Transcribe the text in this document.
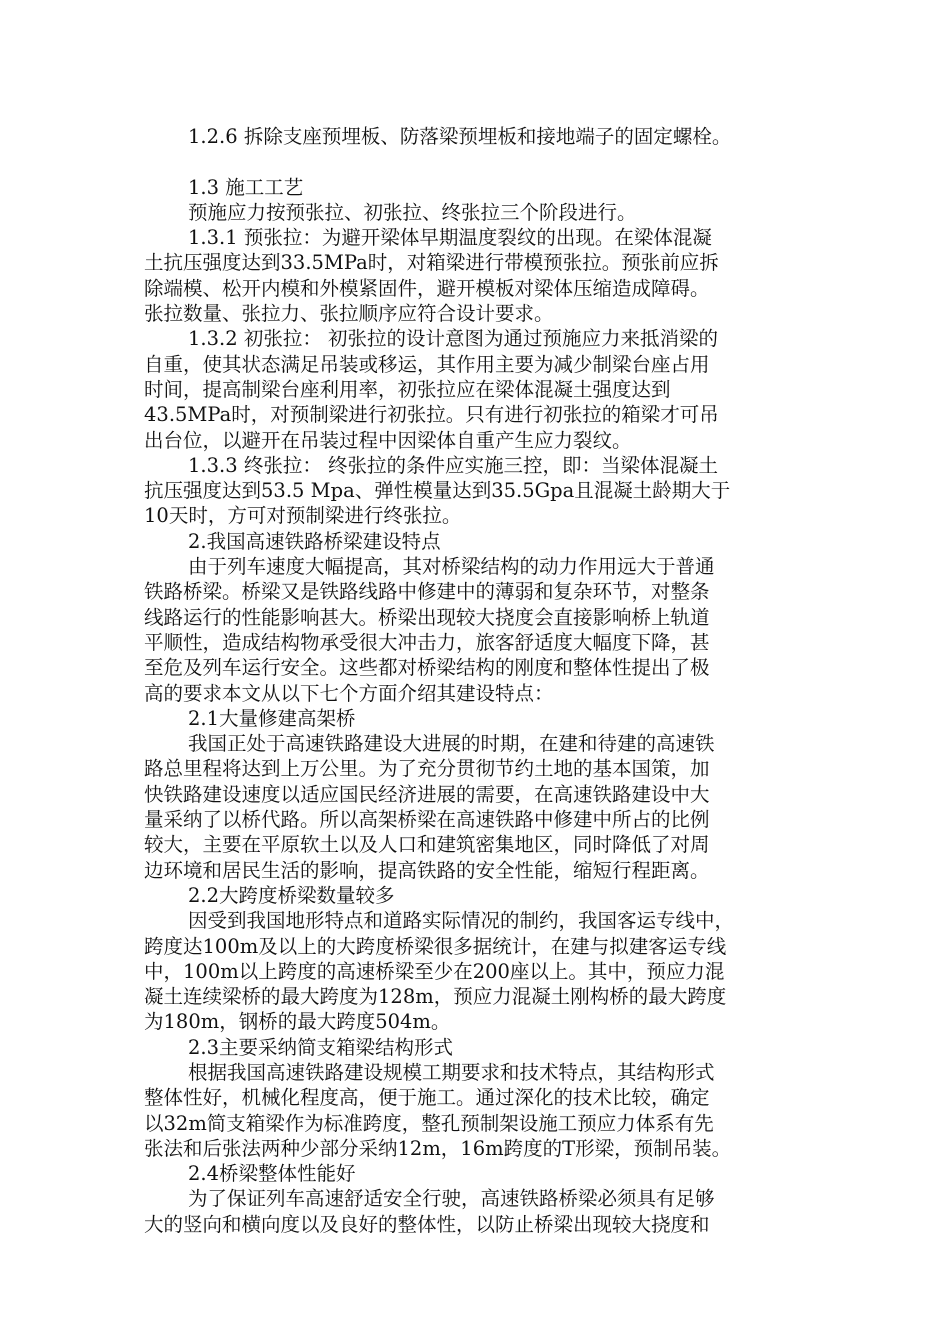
1.2.6 拆除支座预埋板、防落梁预埋板和接地端子的固定螺栓。
1.3 施工工艺
预施应力按预张拉、初张拉、终张拉三个阶段进行。
1.3.1 预张拉：为避开梁体早期温度裂纹的出现。在梁体混凝
土抗压强度达到33.5MPa时，对箱梁进行带模预张拉。预张前应拆
除端模、松开内模和外模紧固件，避开模板对梁体压缩造成障碍。
张拉数量、张拉力、张拉顺序应符合设计要求。
1.3.2 初张拉： 初张拉的设计意图为通过预施应力来抵消梁的
自重，使其状态满足吊装或移运，其作用主要为减少制梁台座占用
时间，提高制梁台座利用率，初张拉应在梁体混凝土强度达到
43.5MPa时，对预制梁进行初张拉。只有进行初张拉的箱梁才可吊
出台位，以避开在吊装过程中因梁体自重产生应力裂纹。
1.3.3 终张拉： 终张拉的条件应实施三控，即：当梁体混凝土
抗压强度达到53.5 Mpa、弹性模量达到35.5Gpa且混凝土龄期大于
10天时，方可对预制梁进行终张拉。
2.我国高速铁路桥梁建设特点
由于列车速度大幅提高，其对桥梁结构的动力作用远大于普通
铁路桥梁。桥梁又是铁路线路中修建中的薄弱和复杂环节，对整条
线路运行的性能影响甚大。桥梁出现较大挠度会直接影响桥上轨道
平顺性，造成结构物承受很大冲击力，旅客舒适度大幅度下降，甚
至危及列车运行安全。这些都对桥梁结构的刚度和整体性提出了极
高的要求本文从以下七个方面介绍其建设特点：
2.1大量修建高架桥
我国正处于高速铁路建设大进展的时期，在建和待建的高速铁
路总里程将达到上万公里。为了充分贯彻节约土地的基本国策，加
快铁路建设速度以适应国民经济进展的需要，在高速铁路建设中大
量采纳了以桥代路。所以高架桥梁在高速铁路中修建中所占的比例
较大，主要在平原软土以及人口和建筑密集地区，同时降低了对周
边环境和居民生活的影响，提高铁路的安全性能，缩短行程距离。
2.2大跨度桥梁数量较多
因受到我国地形特点和道路实际情况的制约，我国客运专线中，
跨度达100m及以上的大跨度桥梁很多据统计，在建与拟建客运专线
中，100m以上跨度的高速桥梁至少在200座以上。其中，预应力混
凝土连续梁桥的最大跨度为128m，预应力混凝土刚构桥的最大跨度
为180m，钢桥的最大跨度504m。
2.3主要采纳简支箱梁结构形式
根据我国高速铁路建设规模工期要求和技术特点，其结构形式
整体性好，机械化程度高，便于施工。通过深化的技术比较，确定
以32m简支箱梁作为标准跨度，整孔预制架设施工预应力体系有先
张法和后张法两种少部分采纳12m，16m跨度的T形梁，预制吊装。
2.4桥梁整体性能好
为了保证列车高速舒适安全行驶，高速铁路桥梁必须具有足够
大的竖向和横向度以及良好的整体性，以防止桥梁出现较大挠度和
